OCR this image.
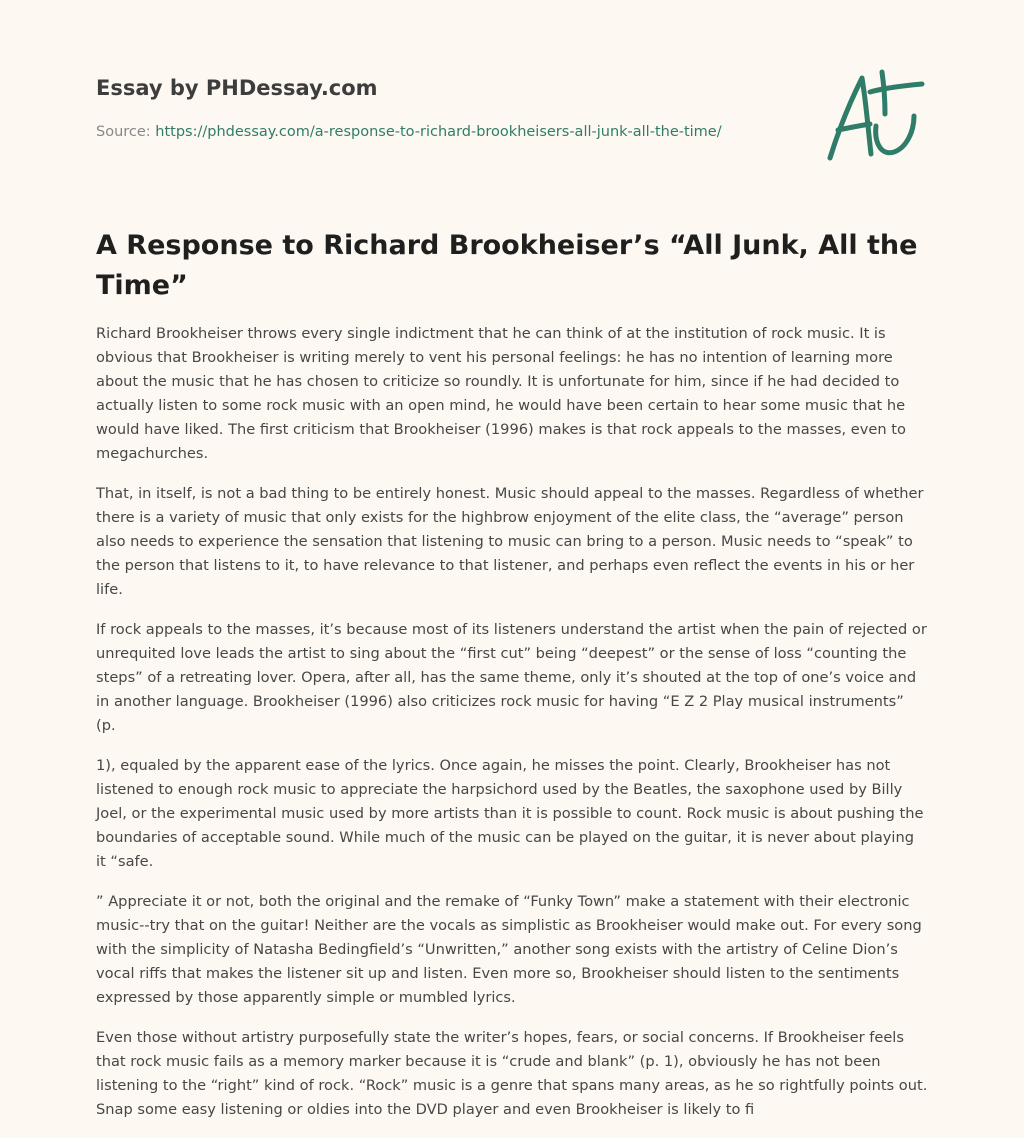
Essay by PHDessay.com
Source: https://phdessay.com/a-response-to-richard-brookheisers-all-junk-all-the-time/
A Response to Richard Brookheiser’s “All Junk, All the Time”

Richard Brookheiser throws every single indictment that he can think of at the institution of rock music. It is obvious that Brookheiser is writing merely to vent his personal feelings: he has no intention of learning more about the music that he has chosen to criticize so roundly. It is unfortunate for him, since if he had decided to actually listen to some rock music with an open mind, he would have been certain to hear some music that he would have liked. The first criticism that Brookheiser (1996) makes is that rock appeals to the masses, even to megachurches.

That, in itself, is not a bad thing to be entirely honest. Music should appeal to the masses. Regardless of whether there is a variety of music that only exists for the highbrow enjoyment of the elite class, the “average” person also needs to experience the sensation that listening to music can bring to a person. Music needs to “speak” to the person that listens to it, to have relevance to that listener, and perhaps even reflect the events in his or her life.

If rock appeals to the masses, it’s because most of its listeners understand the artist when the pain of rejected or unrequited love leads the artist to sing about the “first cut” being “deepest” or the sense of loss “counting the steps” of a retreating lover. Opera, after all, has the same theme, only it’s shouted at the top of one’s voice and in another language. Brookheiser (1996) also criticizes rock music for having “E Z 2 Play musical instruments” (p.

1), equaled by the apparent ease of the lyrics. Once again, he misses the point. Clearly, Brookheiser has not listened to enough rock music to appreciate the harpsichord used by the Beatles, the saxophone used by Billy Joel, or the experimental music used by more artists than it is possible to count. Rock music is about pushing the boundaries of acceptable sound. While much of the music can be played on the guitar, it is never about playing it “safe.

” Appreciate it or not, both the original and the remake of “Funky Town” make a statement with their electronic music--try that on the guitar! Neither are the vocals as simplistic as Brookheiser would make out. For every song with the simplicity of Natasha Bedingfield’s “Unwritten,” another song exists with the artistry of Celine Dion’s vocal riffs that makes the listener sit up and listen. Even more so, Brookheiser should listen to the sentiments expressed by those apparently simple or mumbled lyrics.

Even those without artistry purposefully state the writer’s hopes, fears, or social concerns. If Brookheiser feels that rock music fails as a memory marker because it is “crude and blank” (p. 1), obviously he has not been listening to the “right” kind of rock. “Rock” music is a genre that spans many areas, as he so rightfully points out. Snap some easy listening or oldies into the DVD player and even Brookheiser is likely to fi
